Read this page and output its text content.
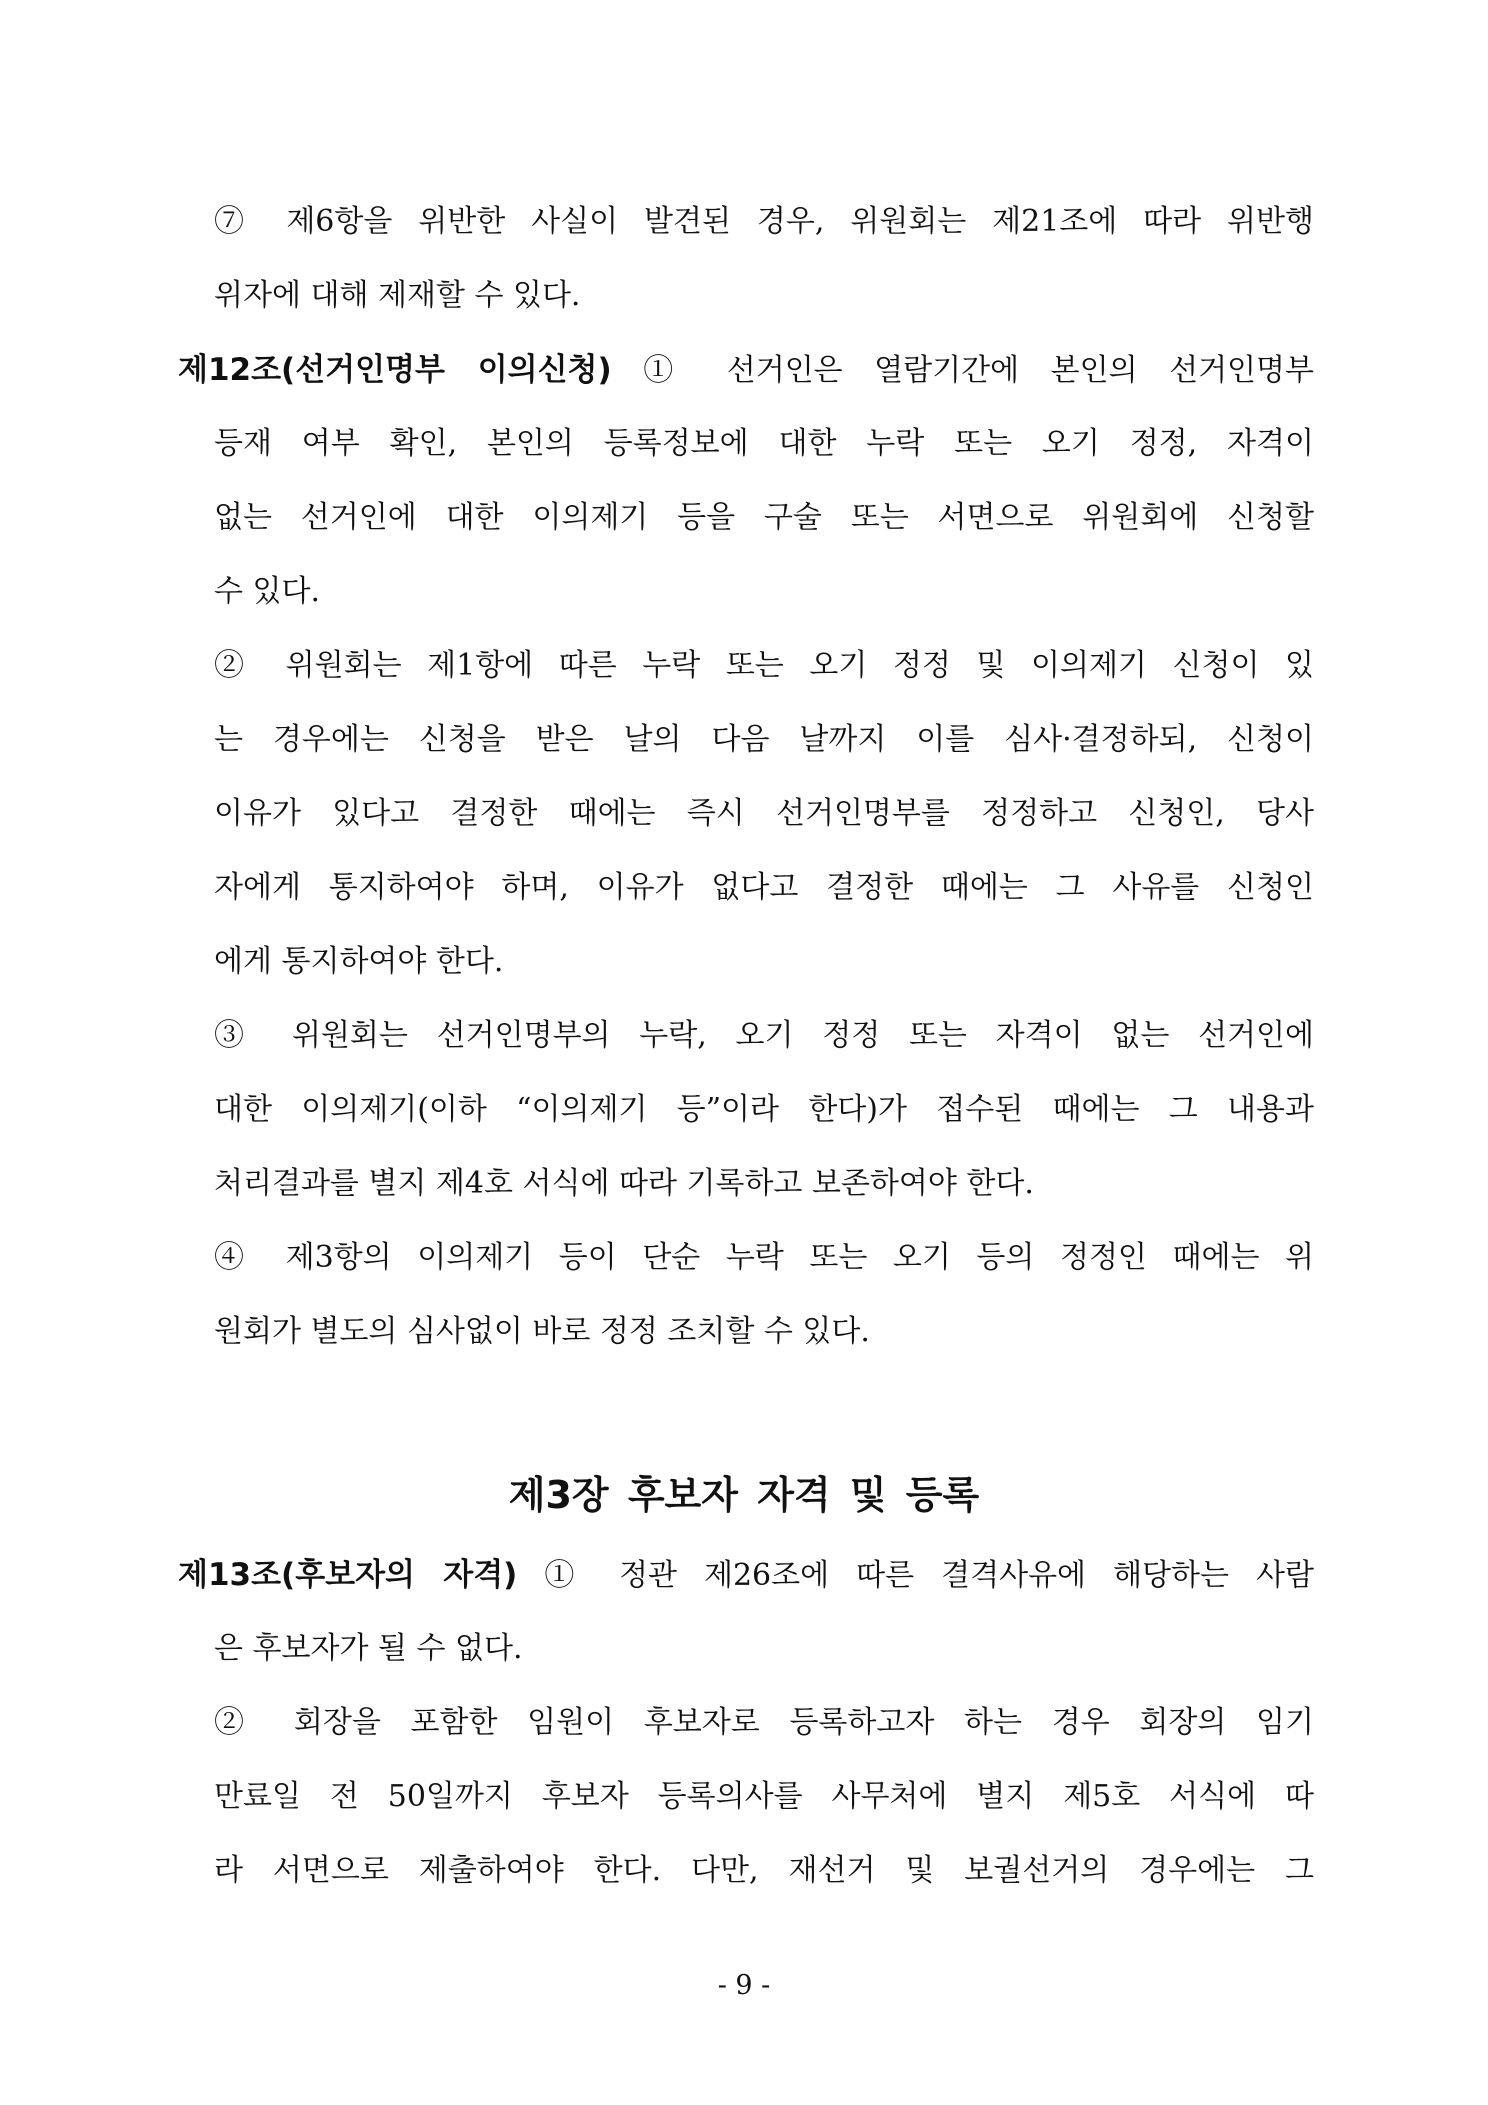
⑦ 제6항을 위반한 사실이 발견된 경우, 위원회는 제21조에 따라 위반행
위자에 대해 제재할 수 있다.
제12조(선거인명부 이의신청) ① 선거인은 열람기간에 본인의 선거인명부
등재 여부 확인, 본인의 등록정보에 대한 누락 또는 오기 정정, 자격이
없는 선거인에 대한 이의제기 등을 구술 또는 서면으로 위원회에 신청할
수 있다.
② 위원회는 제1항에 따른 누락 또는 오기 정정 및 이의제기 신청이 있
는 경우에는 신청을 받은 날의 다음 날까지 이를 심사·결정하되, 신청이
이유가 있다고 결정한 때에는 즉시 선거인명부를 정정하고 신청인, 당사
자에게 통지하여야 하며, 이유가 없다고 결정한 때에는 그 사유를 신청인
에게 통지하여야 한다.
③ 위원회는 선거인명부의 누락, 오기 정정 또는 자격이 없는 선거인에
대한 이의제기(이하 “이의제기 등”이라 한다)가 접수된 때에는 그 내용과
처리결과를 별지 제4호 서식에 따라 기록하고 보존하여야 한다.
④ 제3항의 이의제기 등이 단순 누락 또는 오기 등의 정정인 때에는 위
원회가 별도의 심사없이 바로 정정 조치할 수 있다.
제3장 후보자 자격 및 등록
제13조(후보자의 자격) ① 정관 제26조에 따른 결격사유에 해당하는 사람
은 후보자가 될 수 없다.
② 회장을 포함한 임원이 후보자로 등록하고자 하는 경우 회장의 임기
만료일 전 50일까지 후보자 등록의사를 사무처에 별지 제5호 서식에 따
라 서면으로 제출하여야 한다. 다만, 재선거 및 보궐선거의 경우에는 그
- 9 -
